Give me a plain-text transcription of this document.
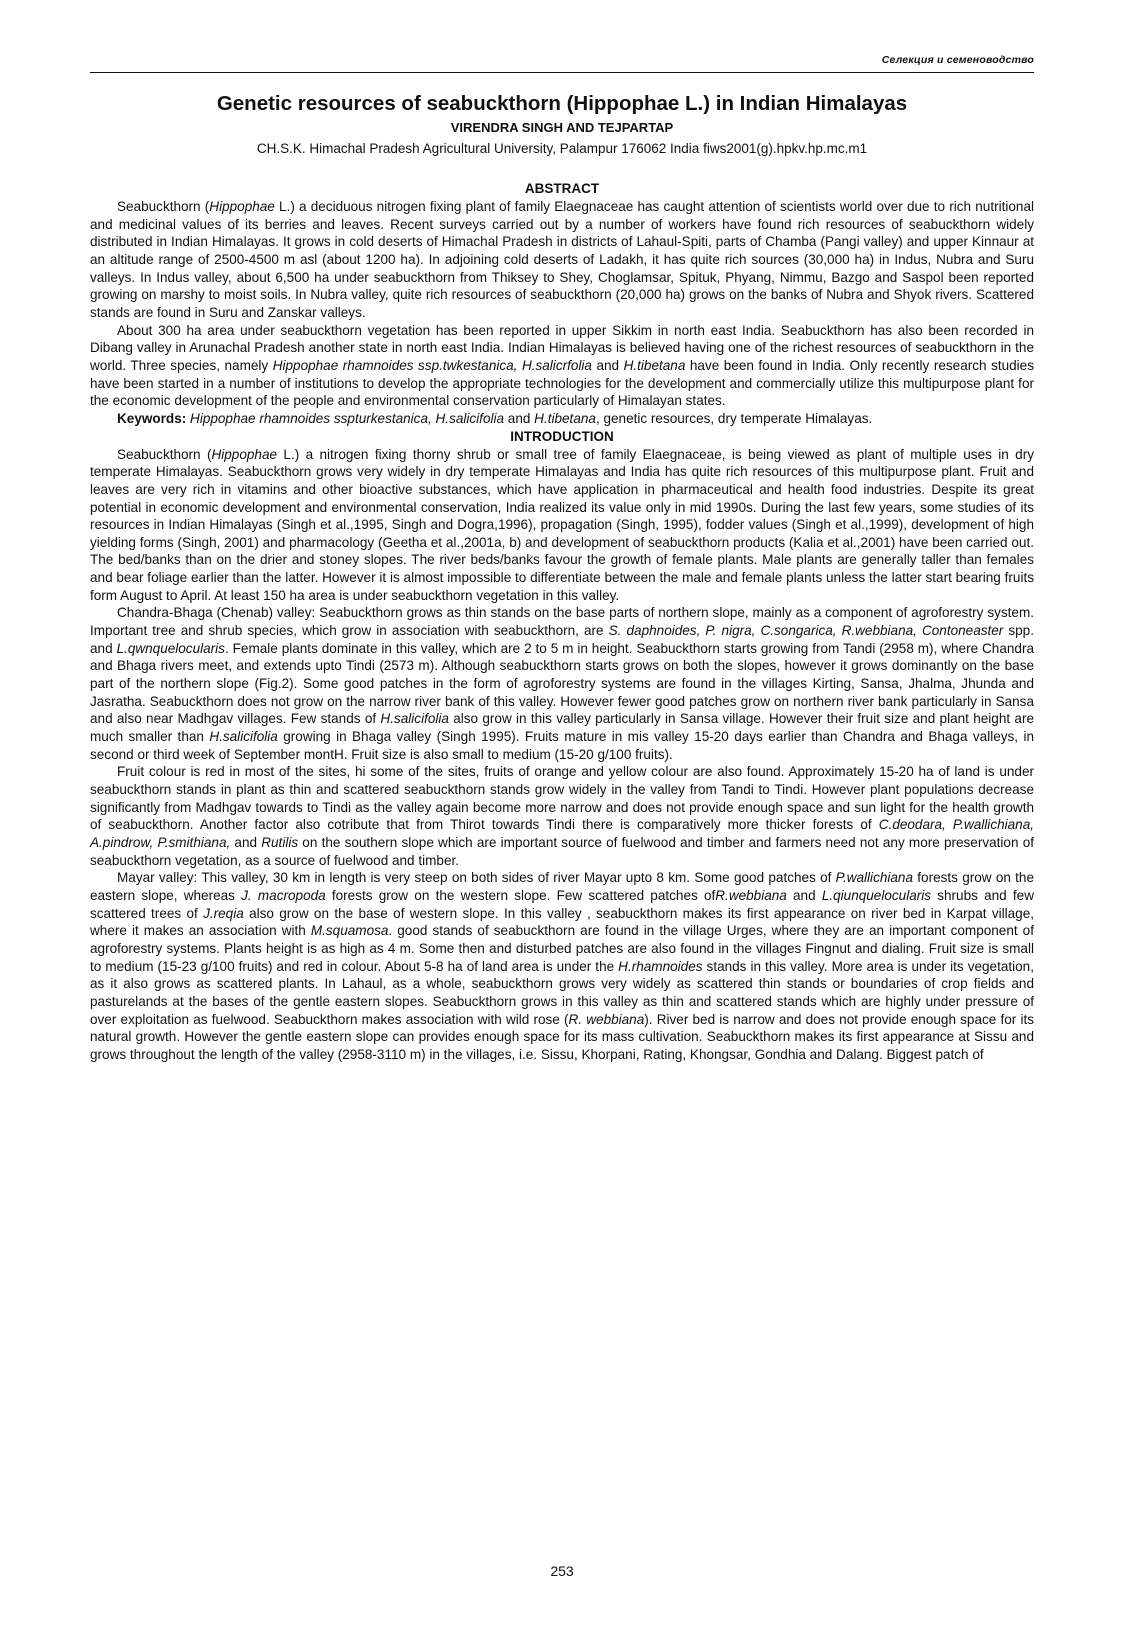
Селекция и семеноводство
Genetic resources of seabuckthorn (Hippophae L.) in Indian Himalayas
VIRENDRA SINGH AND TEJPARTAP
CH.S.K. Himachal Pradesh Agricultural University, Palampur 176062 India fiws2001(g).hpkv.hp.mc.m1
ABSTRACT

Seabuckthorn (Hippophae L.) a deciduous nitrogen fixing plant of family Elaegnaceae has caught attention of scientists world over due to rich nutritional and medicinal values of its berries and leaves. Recent surveys carried out by a number of workers have found rich resources of seabuckthorn widely distributed in Indian Himalayas. It grows in cold deserts of Himachal Pradesh in districts of Lahaul-Spiti, parts of Chamba (Pangi valley) and upper Kinnaur at an altitude range of 2500-4500 m asl (about 1200 ha). In adjoining cold deserts of Ladakh, it has quite rich sources (30,000 ha) in Indus, Nubra and Suru valleys. In Indus valley, about 6,500 ha under seabuckthorn from Thiksey to Shey, Choglamsar, Spituk, Phyang, Nimmu, Bazgo and Saspol been reported growing on marshy to moist soils. In Nubra valley, quite rich resources of seabuckthorn (20,000 ha) grows on the banks of Nubra and Shyok rivers. Scattered stands are found in Suru and Zanskar valleys.

About 300 ha area under seabuckthorn vegetation has been reported in upper Sikkim in north east India. Seabuckthorn has also been recorded in Dibang valley in Arunachal Pradesh another state in north east India. Indian Himalayas is believed having one of the richest resources of seabuckthorn in the world. Three species, namely Hippophae rhamnoides ssp.twkestanica, H.salicrfolia and H.tibetana have been found in India. Only recently research studies have been started in a number of institutions to develop the appropriate technologies for the development and commercially utilize this multipurpose plant for the economic development of the people and environmental conservation particularly of Himalayan states.

Keywords: Hippophae rhamnoides sspturkestanica, H.salicifolia and H.tibetana, genetic resources, dry temperate Himalayas.

INTRODUCTION

Seabuckthorn (Hippophae L.) a nitrogen fixing thorny shrub or small tree of family Elaegnaceae, is being viewed as plant of multiple uses in dry temperate Himalayas. Seabuckthorn grows very widely in dry temperate Himalayas and India has quite rich resources of this multipurpose plant. Fruit and leaves are very rich in vitamins and other bioactive substances, which have application in pharmaceutical and health food industries. Despite its great potential in economic development and environmental conservation, India realized its value only in mid 1990s. During the last few years, some studies of its resources in Indian Himalayas (Singh et al.,1995, Singh and Dogra,1996), propagation (Singh, 1995), fodder values (Singh et al.,1999), development of high yielding forms (Singh, 2001) and pharmacology (Geetha et al.,2001a, b) and development of seabuckthorn products (Kalia et al.,2001) have been carried out. The bed/banks than on the drier and stoney slopes. The river beds/banks favour the growth of female plants. Male plants are generally taller than females and bear foliage earlier than the latter. However it is almost impossible to differentiate between the male and female plants unless the latter start bearing fruits form August to April. At least 150 ha area is under seabuckthorn vegetation in this valley.

Chandra-Bhaga (Chenab) valley: Seabuckthorn grows as thin stands on the base parts of northern slope, mainly as a component of agroforestry system. Important tree and shrub species, which grow in association with seabuckthorn, are S. daphnoides, P. nigra, C.songarica, R.webbiana, Contoneaster spp. and L.qwnquelocularis. Female plants dominate in this valley, which are 2 to 5 m in height. Seabuckthorn starts growing from Tandi (2958 m), where Chandra and Bhaga rivers meet, and extends upto Tindi (2573 m). Although seabuckthorn starts grows on both the slopes, however it grows dominantly on the base part of the northern slope (Fig.2). Some good patches in the form of agroforestry systems are found in the villages Kirting, Sansa, Jhalma, Jhunda and Jasratha. Seabuckthorn does not grow on the narrow river bank of this valley. However fewer good patches grow on northern river bank particularly in Sansa and also near Madhgav villages. Few stands of H.salicifolia also grow in this valley particularly in Sansa village. However their fruit size and plant height are much smaller than H.salicifolia growing in Bhaga valley (Singh 1995). Fruits mature in mis valley 15-20 days earlier than Chandra and Bhaga valleys, in second or third week of September montH. Fruit size is also small to medium (15-20 g/100 fruits).

Fruit colour is red in most of the sites, hi some of the sites, fruits of orange and yellow colour are also found. Approximately 15-20 ha of land is under seabuckthorn stands in plant as thin and scattered seabuckthorn stands grow widely in the valley from Tandi to Tindi. However plant populations decrease significantly from Madhgav towards to Tindi as the valley again become more narrow and does not provide enough space and sun light for the health growth of seabuckthorn. Another factor also cotribute that from Thirot towards Tindi there is comparatively more thicker forests of C.deodara, P.wallichiana, A.pindrow, P.smithiana, and Rutilis on the southern slope which are important source of fuelwood and timber and farmers need not any more preservation of seabuckthorn vegetation, as a source of fuelwood and timber.

Mayar valley: This valley, 30 km in length is very steep on both sides of river Mayar upto 8 km. Some good patches of P.wallichiana forests grow on the eastern slope, whereas J. macropoda forests grow on the western slope. Few scattered patches ofR.webbiana and L.qiunquelocularis shrubs and few scattered trees of J.reqia also grow on the base of western slope. In this valley , seabuckthorn makes its first appearance on river bed in Karpat village, where it makes an association with M.squamosa. good stands of seabuckthorn are found in the village Urges, where they are an important component of agroforestry systems. Plants height is as high as 4 m. Some then and disturbed patches are also found in the villages Fingnut and dialing. Fruit size is small to medium (15-23 g/100 fruits) and red in colour. About 5-8 ha of land area is under the H.rhamnoides stands in this valley. More area is under its vegetation, as it also grows as scattered plants. In Lahaul, as a whole, seabuckthorn grows very widely as scattered thin stands or boundaries of crop fields and pasturelands at the bases of the gentle eastern slopes. Seabuckthorn grows in this valley as thin and scattered stands which are highly under pressure of over exploitation as fuelwood. Seabuckthorn makes association with wild rose (R. webbiana). River bed is narrow and does not provide enough space for its natural growth. However the gentle eastern slope can provides enough space for its mass cultivation. Seabuckthorn makes its first appearance at Sissu and grows throughout the length of the valley (2958-3110 m) in the villages, i.e. Sissu, Khorpani, Rating, Khongsar, Gondhia and Dalang. Biggest patch of

253
